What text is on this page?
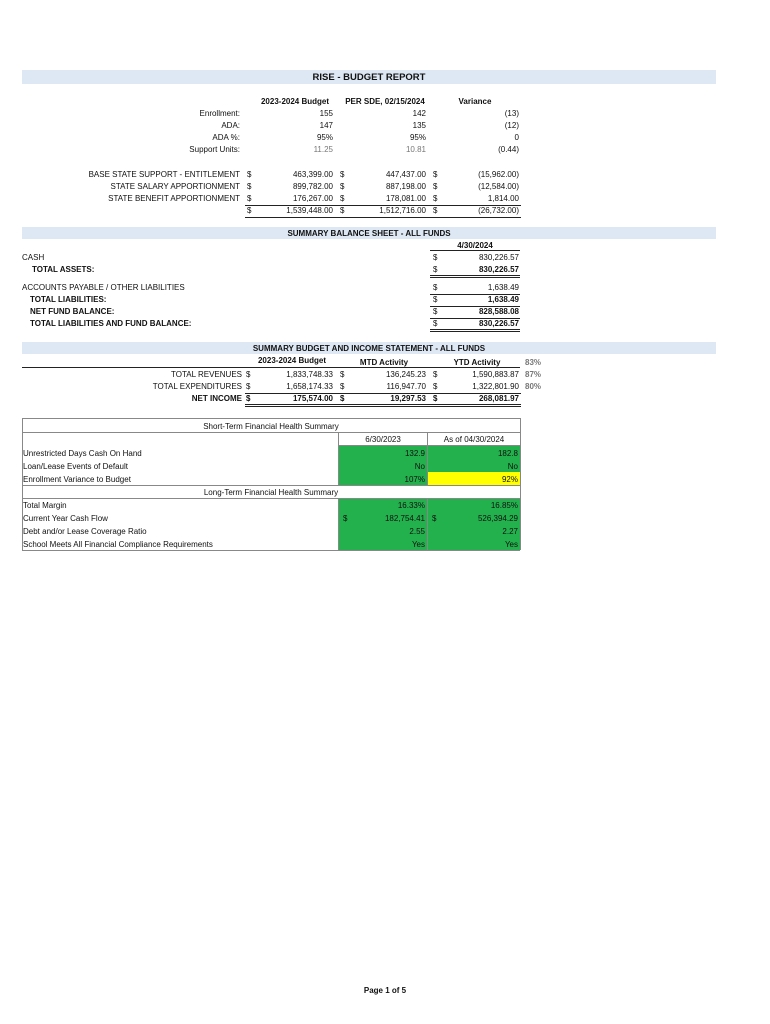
RISE - BUDGET REPORT
2023-2024 Budget	PER SDE, 02/15/2024	Variance
Enrollment:	155	142	(13)
ADA:	147	135	(12)
ADA %:	95%	95%	0
Support Units:	11.25	10.81	(0.44)
BASE STATE SUPPORT - ENTITLEMENT $	463,399.00 $	447,437.00 $	(15,962.00)
STATE SALARY APPORTIONMENT $	899,782.00 $	887,198.00 $	(12,584.00)
STATE BENEFIT APPORTIONMENT $	176,267.00 $	178,081.00 $	1,814.00
$	1,539,448.00 $	1,512,716.00 $	(26,732.00)
SUMMARY BALANCE SHEET - ALL FUNDS
4/30/2024
CASH	$	830,226.57
TOTAL ASSETS:	$	830,226.57
ACCOUNTS PAYABLE / OTHER LIABILITIES	$	1,638.49
TOTAL LIABILITIES:	$	1,638.49
NET FUND BALANCE:	$	828,588.08
TOTAL LIABILITIES AND FUND BALANCE:	$	830,226.57
SUMMARY BUDGET AND INCOME STATEMENT - ALL FUNDS
2023-2024 Budget	MTD Activity	YTD Activity	83%
TOTAL REVENUES $	1,833,748.33 $	136,245.23 $	1,590,883.87 87%
TOTAL EXPENDITURES $	1,658,174.33 $	116,947.70 $	1,322,801.90 80%
NET INCOME $	175,574.00 $	19,297.53 $	268,081.97
Short-Term Financial Health Summary
6/30/2023	As of 04/30/2024
Unrestricted Days Cash On Hand	132.9	182.8
Loan/Lease Events of Default	No	No
Enrollment Variance to Budget	107%	92%
Long-Term Financial Health Summary
Total Margin	16.33%	16.85%
Current Year Cash Flow	$	182,754.41 $	526,394.29
Debt and/or Lease Coverage Ratio	2.55	2.27
School Meets All Financial Compliance Requirements	Yes	Yes
Page 1 of 5
